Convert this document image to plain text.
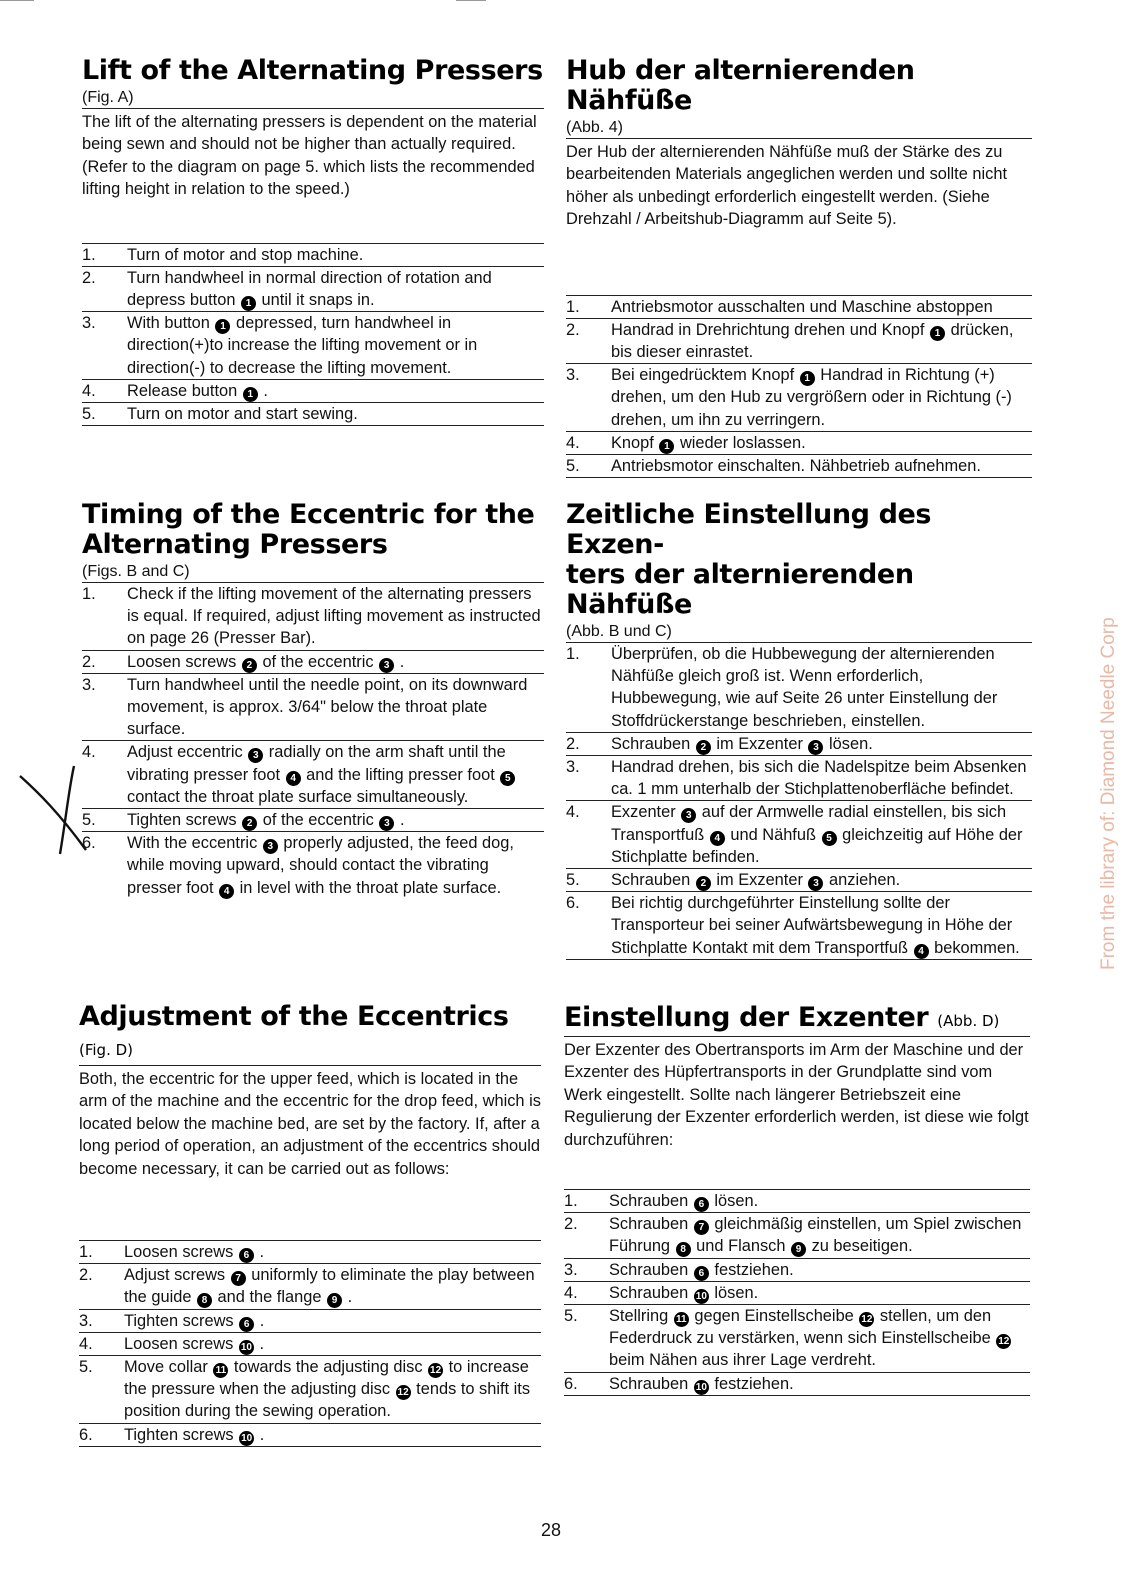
Lift of the Alternating Pressers
(Fig. A)

The lift of the alternating pressers is dependent on the material being sewn and should not be higher than actually required. (Refer to the diagram on page 5. which lists the recommended lifting height in relation to the speed.)

1. Turn of motor and stop machine.
2. Turn handwheel in normal direction of rotation and depress button 1 until it snaps in.
3. With button 1 depressed, turn handwheel in direction(+)to increase the lifting movement or in direction(-) to decrease the lifting movement.
4. Release button 1 .
5. Turn on motor and start sewing.
Hub der alternierenden Nähfüße
(Abb. 4)

Der Hub der alternierenden Nähfüße muß der Stärke des zu bearbeitenden Materials angeglichen werden und sollte nicht höher als unbedingt erforderlich eingestellt werden. (Siehe Drehzahl / Arbeitshub-Diagramm auf Seite 5).

1. Antriebsmotor ausschalten und Maschine abstoppen
2. Handrad in Drehrichtung drehen und Knopf 1 drücken, bis dieser einrastet.
3. Bei eingedrücktem Knopf 1 Handrad in Richtung (+) drehen, um den Hub zu vergrößern oder in Richtung (-) drehen, um ihn zu verringern.
4. Knopf 1 wieder loslassen.
5. Antriebsmotor einschalten. Nähbetrieb aufnehmen.
Timing of the Eccentric for the
Alternating Pressers
(Figs. B and C)
1. Check if the lifting movement of the alternating pressers is equal. If required, adjust lifting movement as instructed on page 26 (Presser Bar).
2. Loosen screws 2 of the eccentric 3 .
3. Turn handwheel until the needle point, on its downward movement, is approx. 3/64" below the throat plate surface.
4. Adjust eccentric 3 radially on the arm shaft until the vibrating presser foot 4 and the lifting presser foot 5 contact the throat plate surface simultaneously.
5. Tighten screws 2 of the eccentric 3 .
6. With the eccentric 3 properly adjusted, the feed dog, while moving upward, should contact the vibrating presser foot 4 in level with the throat plate surface.
Zeitliche Einstellung des Exzen-
ters der alternierenden Nähfüße
(Abb. B und C)
1. Überprüfen, ob die Hubbewegung der alternierenden Nähfüße gleich groß ist. Wenn erforderlich, Hubbewegung, wie auf Seite 26 unter Einstellung der Stoffdrückerstange beschrieben, einstellen.
2. Schrauben 2 im Exzenter 3 lösen.
3. Handrad drehen, bis sich die Nadelspitze beim Absenken ca. 1 mm unterhalb der Stichplattenoberfläche befindet.
4. Exzenter 3 auf der Armwelle radial einstellen, bis sich Transportfuß 4 und Nähfuß 5 gleichzeitig auf Höhe der Stichplatte befinden.
5. Schrauben 2 im Exzenter 3 anziehen.
6. Bei richtig durchgeführter Einstellung sollte der Transporteur bei seiner Aufwärtsbewegung in Höhe der Stichplatte Kontakt mit dem Transportfuß 4 bekommen.
Adjustment of the Eccentrics (Fig. D)

Both, the eccentric for the upper feed, which is located in the arm of the machine and the eccentric for the drop feed, which is located below the machine bed, are set by the factory. If, after a long period of operation, an adjustment of the eccentrics should become necessary, it can be carried out as follows:

1. Loosen screws 6 .
2. Adjust screws 7 uniformly to eliminate the play between the guide 8 and the flange 9 .
3. Tighten screws 6 .
4. Loosen screws 10 .
5. Move collar 11 towards the adjusting disc 12 to increase the pressure when the adjusting disc 12 tends to shift its position during the sewing operation.
6. Tighten screws 10 .
Einstellung der Exzenter (Abb. D)

Der Exzenter des Obertransports im Arm der Maschine und der Exzenter des Hüpfertransports in der Grundplatte sind vom Werk eingestellt. Sollte nach längerer Betriebszeit eine Regulierung der Exzenter erforderlich werden, ist diese wie folgt durchzuführen:

1. Schrauben 6 lösen.
2. Schrauben 7 gleichmäßig einstellen, um Spiel zwischen Führung 8 und Flansch 9 zu beseitigen.
3. Schrauben 6 festziehen.
4. Schrauben 10 lösen.
5. Stellring 11 gegen Einstellscheibe 12 stellen, um den Federdruck zu verstärken, wenn sich Einstellscheibe 12 beim Nähen aus ihrer Lage verdreht.
6. Schrauben 10 festziehen.
28
From the library of: Diamond Needle Corp
